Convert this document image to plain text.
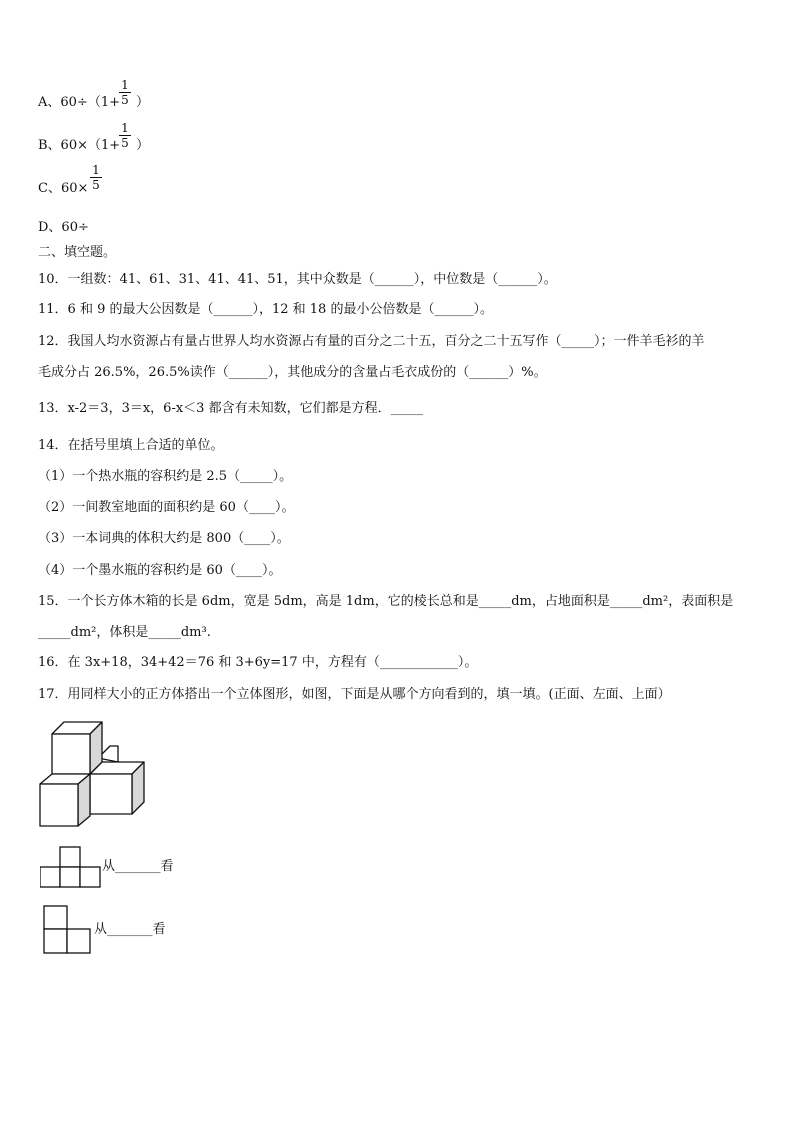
A、60÷（1+ ）
1
5
B、60×（1+ ）
1
5
C、60×
1
5
D、60÷
二、填空题。
10．一组数：41、61、31、41、41、51，其中众数是（______），中位数是（______）。
11．6 和 9 的最大公因数是（______），12 和 18 的最小公倍数是（______）。
12．我国人均水资源占有量占世界人均水资源占有量的百分之二十五，百分之二十五写作（_____）；一件羊毛衫的羊
毛成分占 26.5%，26.5%读作（______），其他成分的含量占毛衣成份的（______）%。
13．x-2＝3，3＝x，6-x＜3 都含有未知数，它们都是方程．_____
14．在括号里填上合适的单位。
（1）一个热水瓶的容积约是 2.5（_____）。
（2）一间教室地面的面积约是 60（____）。
（3）一本词典的体积大约是 800（____）。
（4）一个墨水瓶的容积约是 60（____）。
15．一个长方体木箱的长是 6dm，宽是 5dm，高是 1dm，它的棱长总和是_____dm，占地面积是_____dm²，表面积是
_____dm²，体积是_____dm³.
16．在 3x+18，34+42＝76 和 3+6y=17 中，方程有（____________）。
17．用同样大小的正方体搭出一个立体图形，如图，下面是从哪个方向看到的，填一填。(正面、左面、上面）
从_______看
从_______看
